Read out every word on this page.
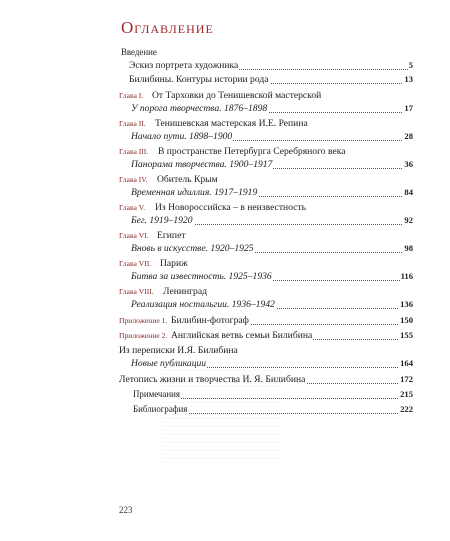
Оглавление
Введение
Эскиз портрета художника	5
Билибины. Контуры истории рода	13
Глава I. От Тарховки до Тенишевской мастерской
У порога творчества. 1876–1898	17
Глава II. Тенишевская мастерская И.Е. Репина
Начало пути. 1898–1900	28
Глава III. В пространстве Петербурга Серебряного века
Панорама творчества. 1900–1917	36
Глава IV. Обитель Крым
Временная идиллия. 1917–1919	84
Глава V. Из Новороссийска – в неизвестность
Бег. 1919–1920	92
Глава VI. Египет
Вновь в искусстве. 1920–1925	98
Глава VII. Париж
Битва за известность. 1925–1936	116
Глава VIII. Ленинград
Реализация ностальгии. 1936–1942	136
Приложение 1. Билибин-фотограф	150
Приложение 2. Английская ветвь семьи Билибина	155
Из переписки И.Я. Билибина
Новые публикации	164
Летопись жизни и творчества И. Я. Билибина	172
Примечания	215
Библиография	222
223
